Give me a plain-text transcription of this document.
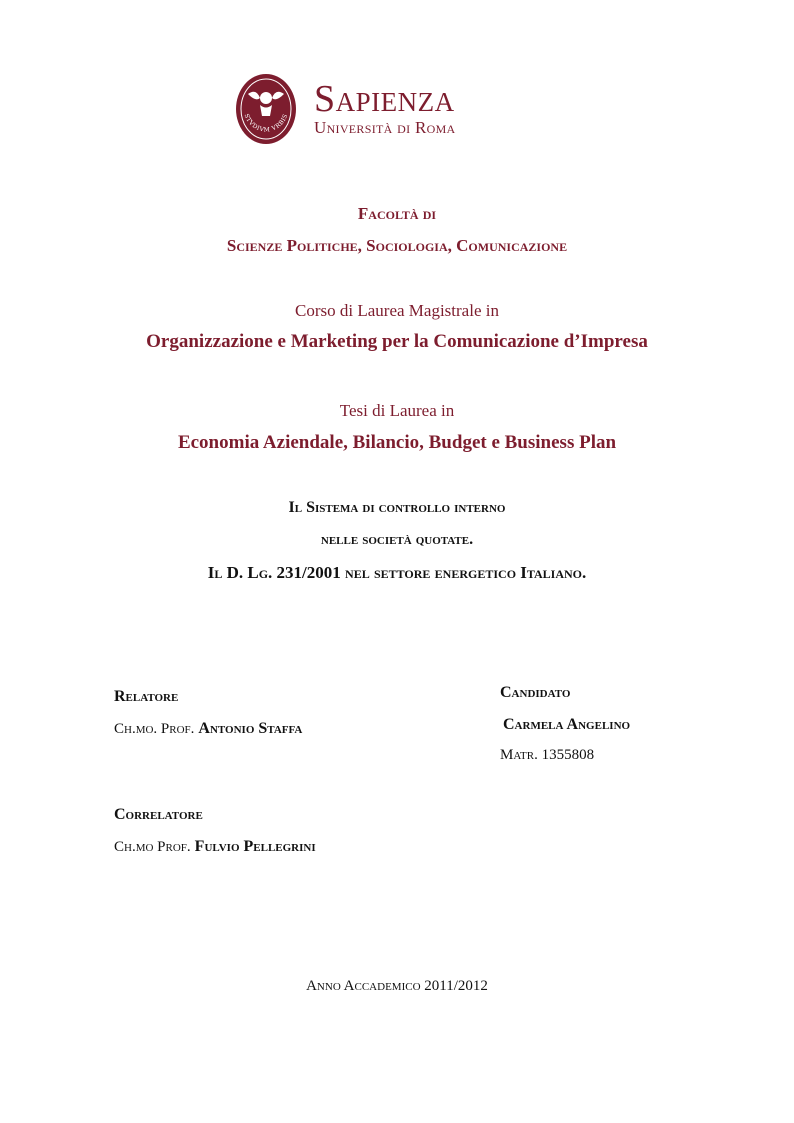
STVDIVM VRBIS Sapienza
Università di Roma
Facoltà di
Scienze Politiche, Sociologia, Comunicazione
Corso di Laurea Magistrale in
Organizzazione e Marketing per la Comunicazione d’Impresa
Tesi di Laurea in
Economia Aziendale, Bilancio, Budget e Business Plan
Il Sistema di controllo interno
nelle società quotate.
Il D. Lg. 231/2001 nel settore energetico Italiano.
Relatore
Ch.mo. Prof. Antonio Staffa
Candidato
Carmela Angelino
Matr. 1355808
Correlatore
Ch.mo Prof. Fulvio Pellegrini
Anno Accademico 2011/2012
